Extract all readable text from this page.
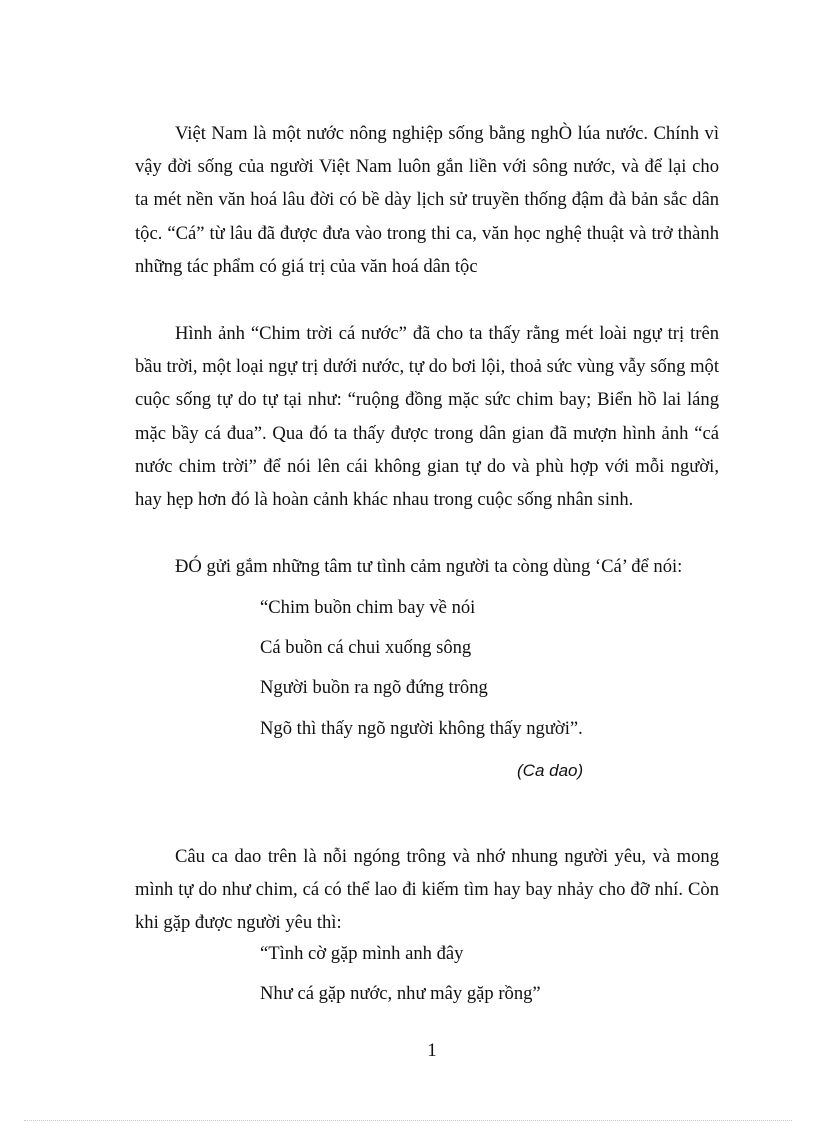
Việt Nam là một nước nông nghiệp sống bằng nghÒ lúa nước. Chính vì vậy đời sống của người Việt Nam luôn gắn liền với sông nước, và để lại cho ta mét nền văn hoá lâu đời có bề dày lịch sử truyền thống đậm đà bản sắc dân tộc. “Cá” từ lâu đã được đưa vào trong thi ca, văn học nghệ thuật và trở thành những tác phẩm có giá trị của văn hoá dân tộc

Hình ảnh “Chim trời cá nước” đã cho ta thấy rằng mét loài ngự trị trên bầu trời, một loại ngự trị dưới nước, tự do bơi lội, thoả sức vùng vẫy sống một cuộc sống tự do tự tại như: “ruộng đồng mặc sức chim bay; Biển hồ lai láng mặc bầy cá đua”. Qua đó ta thấy được trong dân gian đã mượn hình ảnh “cá nước chim trời” để nói lên cái không gian tự do và phù hợp với mỗi người, hay hẹp hơn đó là hoàn cảnh khác nhau trong cuộc sống nhân sinh.

ĐÓ gửi gắm những tâm tư tình cảm người ta còng dùng ‘Cá’ để nói:

“Chim buồn chim bay về nói

Cá buồn cá chui xuống sông

Người buồn ra ngõ đứng trông

Ngõ thì thấy ngõ người không thấy người”.

(Ca dao)

Câu ca dao trên là nỗi ngóng trông và nhớ nhung người yêu, và mong mình tự do như chim, cá có thể lao đi kiếm tìm hay bay nhảy cho đỡ nhí. Còn khi gặp được người yêu thì:

“Tình cờ gặp mình anh đây

Như cá gặp nước, như mây gặp rồng”

1
